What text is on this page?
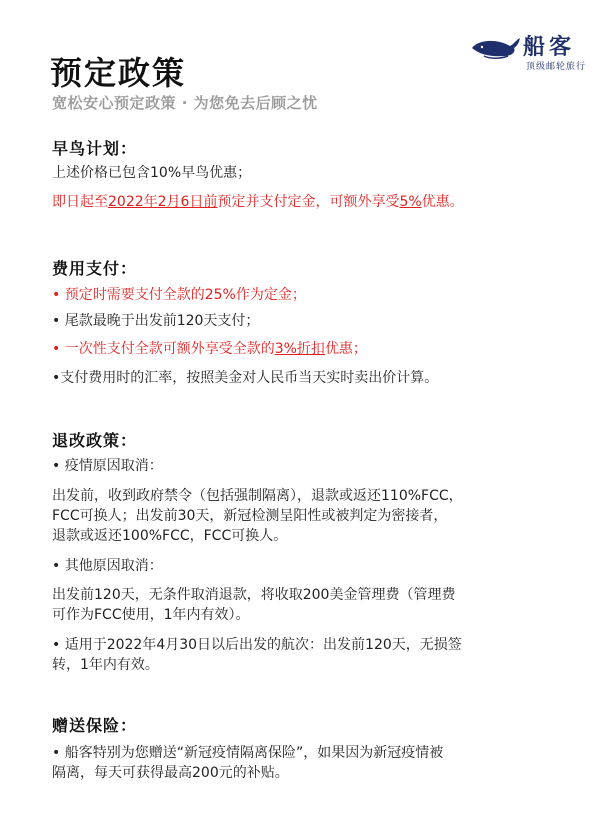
预定政策
宽松安心预定政策 · 为您免去后顾之忧
船客
顶级邮轮旅行
早鸟计划：
上述价格已包含10%早鸟优惠；
即日起至2022年2月6日前预定并支付定金，可额外享受5%优惠。
费用支付：
• 预定时需要支付全款的25%作为定金；
• 尾款最晚于出发前120天支付；
• 一次性支付全款可额外享受全款的3%折扣优惠；
•支付费用时的汇率，按照美金对人民币当天实时卖出价计算。
退改政策：
• 疫情原因取消：
出发前，收到政府禁令（包括强制隔离），退款或返还110%FCC，
FCC可换人；出发前30天，新冠检测呈阳性或被判定为密接者，
退款或返还100%FCC，FCC可换人。
• 其他原因取消：
出发前120天，无条件取消退款，将收取200美金管理费（管理费
可作为FCC使用，1年内有效）。
• 适用于2022年4月30日以后出发的航次：出发前120天，无损签
转，1年内有效。
赠送保险：
• 船客特别为您赠送“新冠疫情隔离保险”，如果因为新冠疫情被
隔离，每天可获得最高200元的补贴。
